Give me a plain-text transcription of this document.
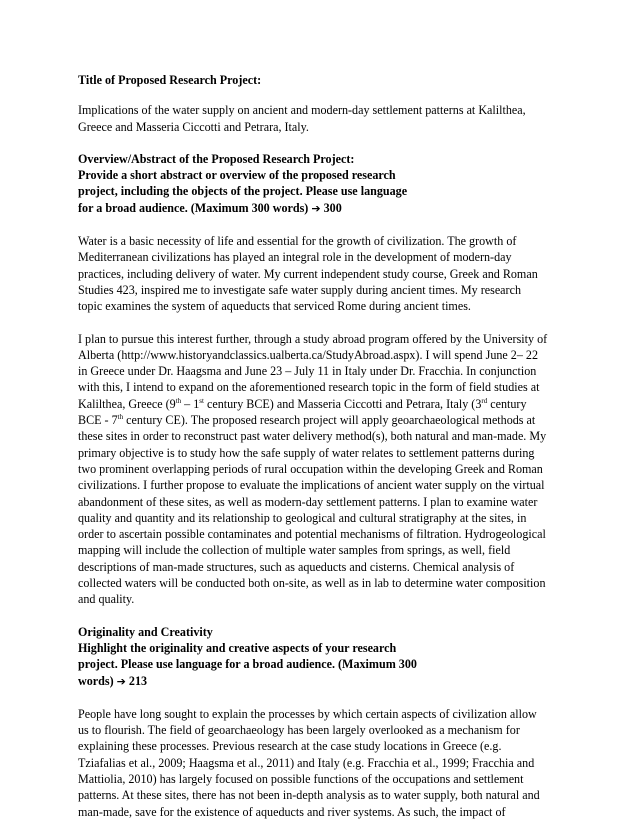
Title of Proposed Research Project:
Implications of the water supply on ancient and modern-day settlement patterns at Kalilthea,
Greece and Masseria Ciccotti and Petrara, Italy.
Overview/Abstract of the Proposed Research Project:
Provide a short abstract or overview of the proposed research
project, including the objects of the project. Please use language
for a broad audience. (Maximum 300 words) ➔ 300
Water is a basic necessity of life and essential for the growth of civilization. The growth of
Mediterranean civilizations has played an integral role in the development of modern-day
practices, including delivery of water. My current independent study course, Greek and Roman
Studies 423, inspired me to investigate safe water supply during ancient times. My research
topic examines the system of aqueducts that serviced Rome during ancient times.
I plan to pursue this interest further, through a study abroad program offered by the University of
Alberta (http://www.historyandclassics.ualberta.ca/StudyAbroad.aspx). I will spend June 2– 22
in Greece under Dr. Haagsma and June 23 – July 11 in Italy under Dr. Fracchia. In conjunction
with this, I intend to expand on the aforementioned research topic in the form of field studies at
Kalilthea, Greece (9th – 1st century BCE) and Masseria Ciccotti and Petrara, Italy (3rd century
BCE - 7th century CE). The proposed research project will apply geoarchaeological methods at
these sites in order to reconstruct past water delivery method(s), both natural and man-made. My
primary objective is to study how the safe supply of water relates to settlement patterns during
two prominent overlapping periods of rural occupation within the developing Greek and Roman
civilizations. I further propose to evaluate the implications of ancient water supply on the virtual
abandonment of these sites, as well as modern-day settlement patterns. I plan to examine water
quality and quantity and its relationship to geological and cultural stratigraphy at the sites, in
order to ascertain possible contaminates and potential mechanisms of filtration. Hydrogeological
mapping will include the collection of multiple water samples from springs, as well, field
descriptions of man-made structures, such as aqueducts and cisterns. Chemical analysis of
collected waters will be conducted both on-site, as well as in lab to determine water composition
and quality.
Originality and Creativity
Highlight the originality and creative aspects of your research
project. Please use language for a broad audience. (Maximum 300
words) ➔ 213
People have long sought to explain the processes by which certain aspects of civilization allow
us to flourish. The field of geoarchaeology has been largely overlooked as a mechanism for
explaining these processes. Previous research at the case study locations in Greece (e.g.
Tziafalias et al., 2009; Haagsma et al., 2011) and Italy (e.g. Fracchia et al., 1999; Fracchia and
Mattiolia, 2010) has largely focused on possible functions of the occupations and settlement
patterns. At these sites, there has not been in-depth analysis as to water supply, both natural and
man-made, save for the existence of aqueducts and river systems. As such, the impact of
